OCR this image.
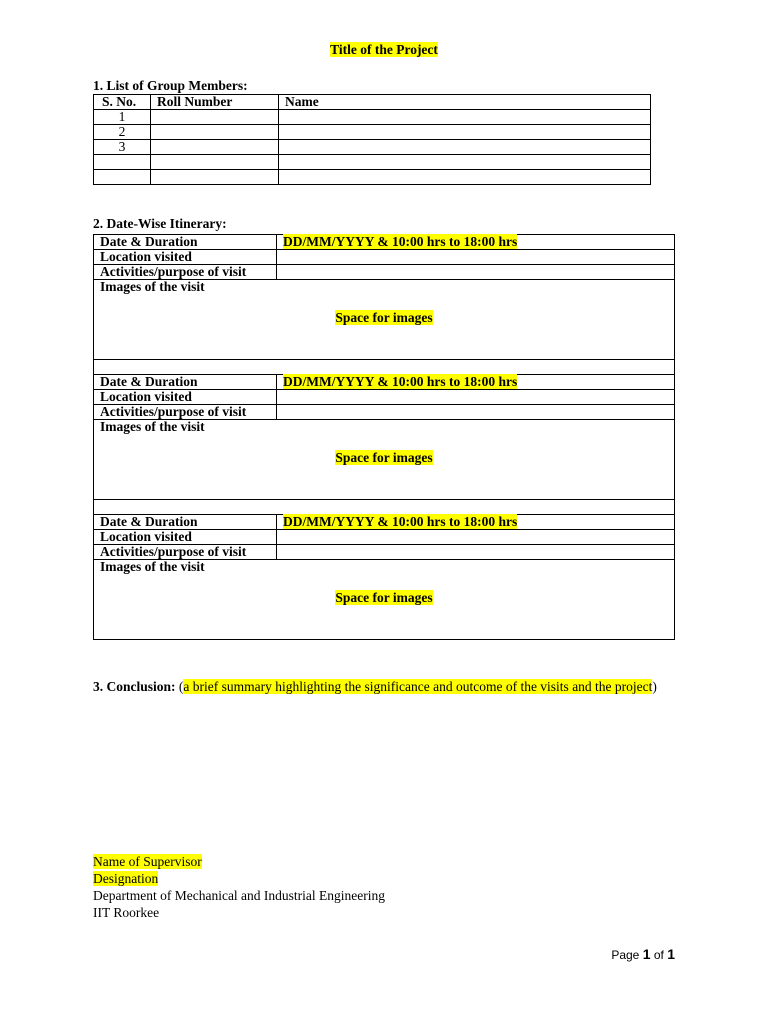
Title of the Project
1. List of Group Members:
S. No.	Roll Number	Name
1		
2		
3		

2. Date-Wise Itinerary:
Date & Duration	DD/MM/YYYY & 10:00 hrs to 18:00 hrs
Location visited	
Activities/purpose of visit	
Images of the visit
Space for images	

Date & Duration	DD/MM/YYYY & 10:00 hrs to 18:00 hrs
Location visited	
Activities/purpose of visit	
Images of the visit
Space for images	

Date & Duration	DD/MM/YYYY & 10:00 hrs to 18:00 hrs
Location visited	
Activities/purpose of visit	
Images of the visit
Space for images	
3. Conclusion: (a brief summary highlighting the significance and outcome of the visits and the project)
Name of Supervisor
Designation
Department of Mechanical and Industrial Engineering
IIT Roorkee
Page 1 of 1
